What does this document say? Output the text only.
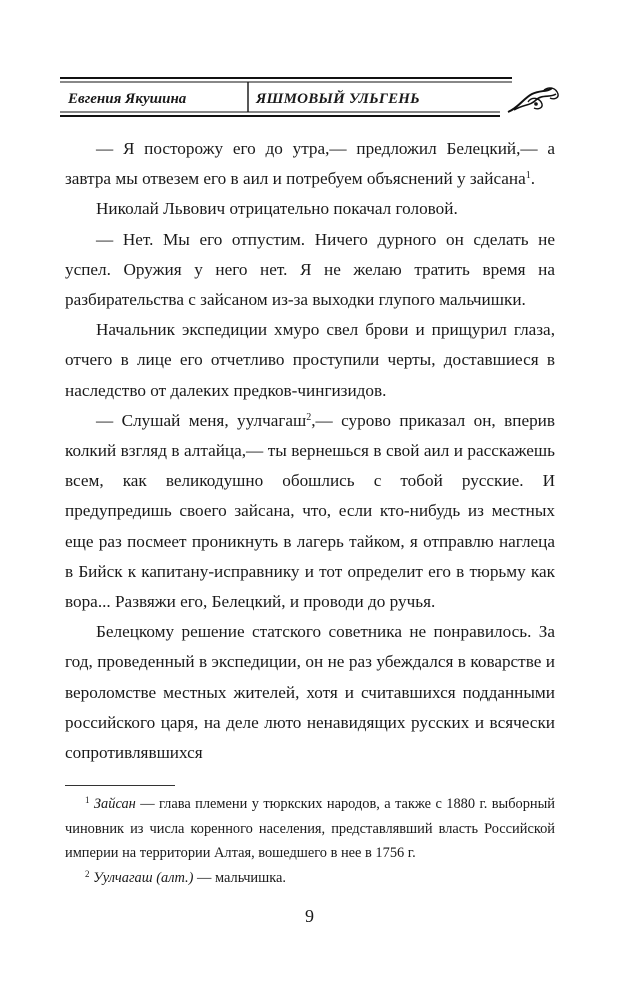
Евгения Якушина	ЯШМОВЫЙ УЛЬГЕНЬ

— Я посторожу его до утра,— предложил Белецкий,— а завтра мы отвезем его в аил и потребуем объяснений у зайсана$^1$.

Николай Львович отрицательно покачал головой.

— Нет. Мы его отпустим. Ничего дурного он сделать не успел. Оружия у него нет. Я не желаю тратить время на разбирательства с зайсаном из-за выходки глупого мальчишки.

Начальник экспедиции хмуро свел брови и прищурил глаза, отчего в лице его отчетливо проступили черты, доставшиеся в наследство от далеких предков-чингизидов.

— Слушай меня, уулчагаш$^2$,— сурово приказал он, вперив колкий взгляд в алтайца,— ты вернешься в свой аил и расскажешь всем, как великодушно обошлись с тобой русские. И предупредишь своего зайсана, что, если кто-нибудь из местных еще раз посмеет проникнуть в лагерь тайком, я отправлю наглеца в Бийск к капитану-исправнику и тот определит его в тюрьму как вора... Развяжи его, Белецкий, и проводи до ручья.

Белецкому решение статского советника не понравилось. За год, проведенный в экспедиции, он не раз убеждался в коварстве и вероломстве местных жителей, хотя и считавшихся подданными российского царя, на деле люто ненавидящих русских и всячески сопротивлявшихся

$^1$ Зайсан — глава племени у тюркских народов, а также с 1880 г. выборный чиновник из числа коренного населения, представлявший власть Российской империи на территории Алтая, вошедшего в нее в 1756 г.

$^2$ Уулчагаш (алт.) — мальчишка.

9
